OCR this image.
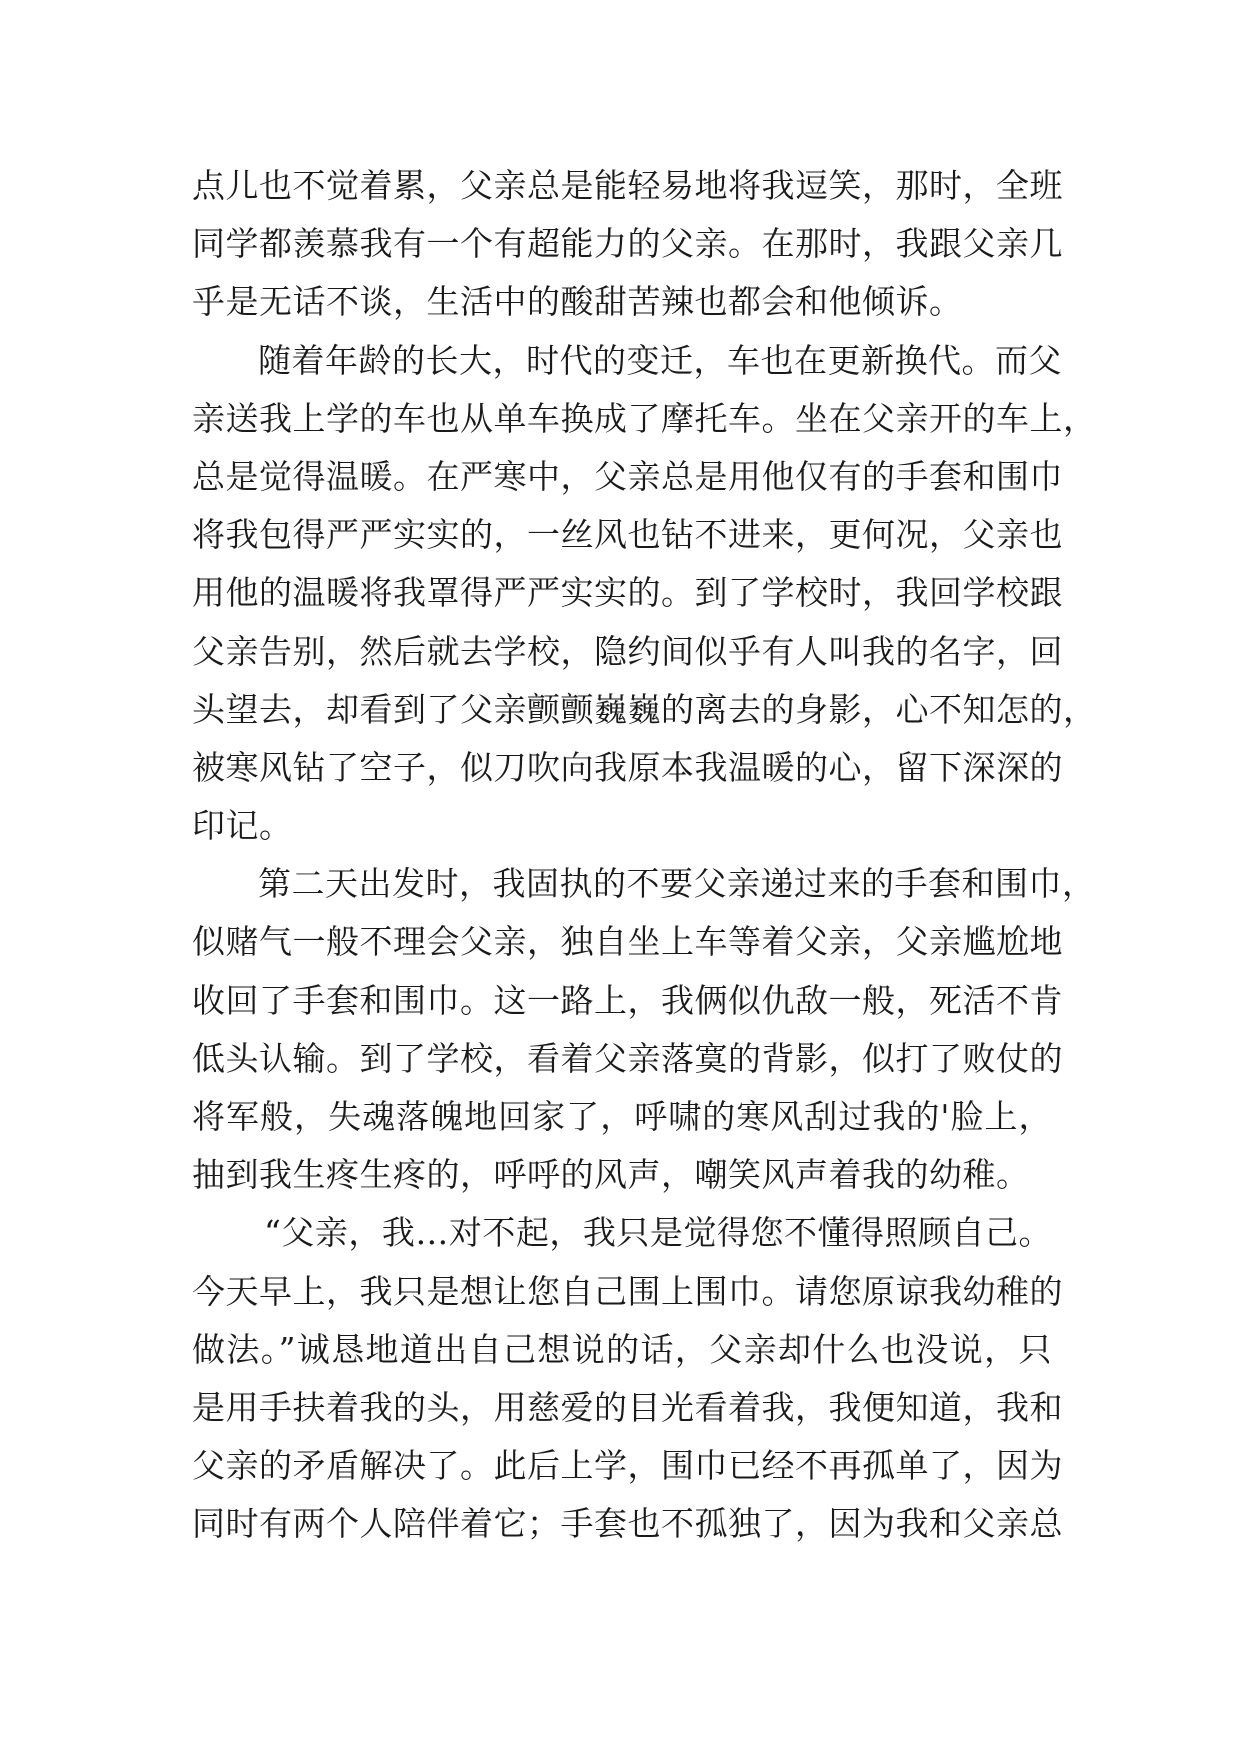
点儿也不觉着累，父亲总是能轻易地将我逗笑，那时，全班
同学都羡慕我有一个有超能力的父亲。在那时，我跟父亲几
乎是无话不谈，生活中的酸甜苦辣也都会和他倾诉。
随着年龄的长大，时代的变迁，车也在更新换代。而父
亲送我上学的车也从单车换成了摩托车。坐在父亲开的车上，
总是觉得温暖。在严寒中，父亲总是用他仅有的手套和围巾
将我包得严严实实的，一丝风也钻不进来，更何况，父亲也
用他的温暖将我罩得严严实实的。到了学校时，我回学校跟
父亲告别，然后就去学校，隐约间似乎有人叫我的名字，回
头望去，却看到了父亲颤颤巍巍的离去的身影，心不知怎的，
被寒风钻了空子，似刀吹向我原本我温暖的心，留下深深的
印记。
第二天出发时，我固执的不要父亲递过来的手套和围巾，
似赌气一般不理会父亲，独自坐上车等着父亲，父亲尴尬地
收回了手套和围巾。这一路上，我俩似仇敌一般，死活不肯
低头认输。到了学校，看着父亲落寞的背影，似打了败仗的
将军般，失魂落魄地回家了，呼啸的寒风刮过我的'脸上，
抽到我生疼生疼的，呼呼的风声，嘲笑风声着我的幼稚。
“父亲，我…对不起，我只是觉得您不懂得照顾自己。
今天早上，我只是想让您自己围上围巾。请您原谅我幼稚的
做法。”诚恳地道出自己想说的话，父亲却什么也没说，只
是用手扶着我的头，用慈爱的目光看着我，我便知道，我和
父亲的矛盾解决了。此后上学，围巾已经不再孤单了，因为
同时有两个人陪伴着它；手套也不孤独了，因为我和父亲总
